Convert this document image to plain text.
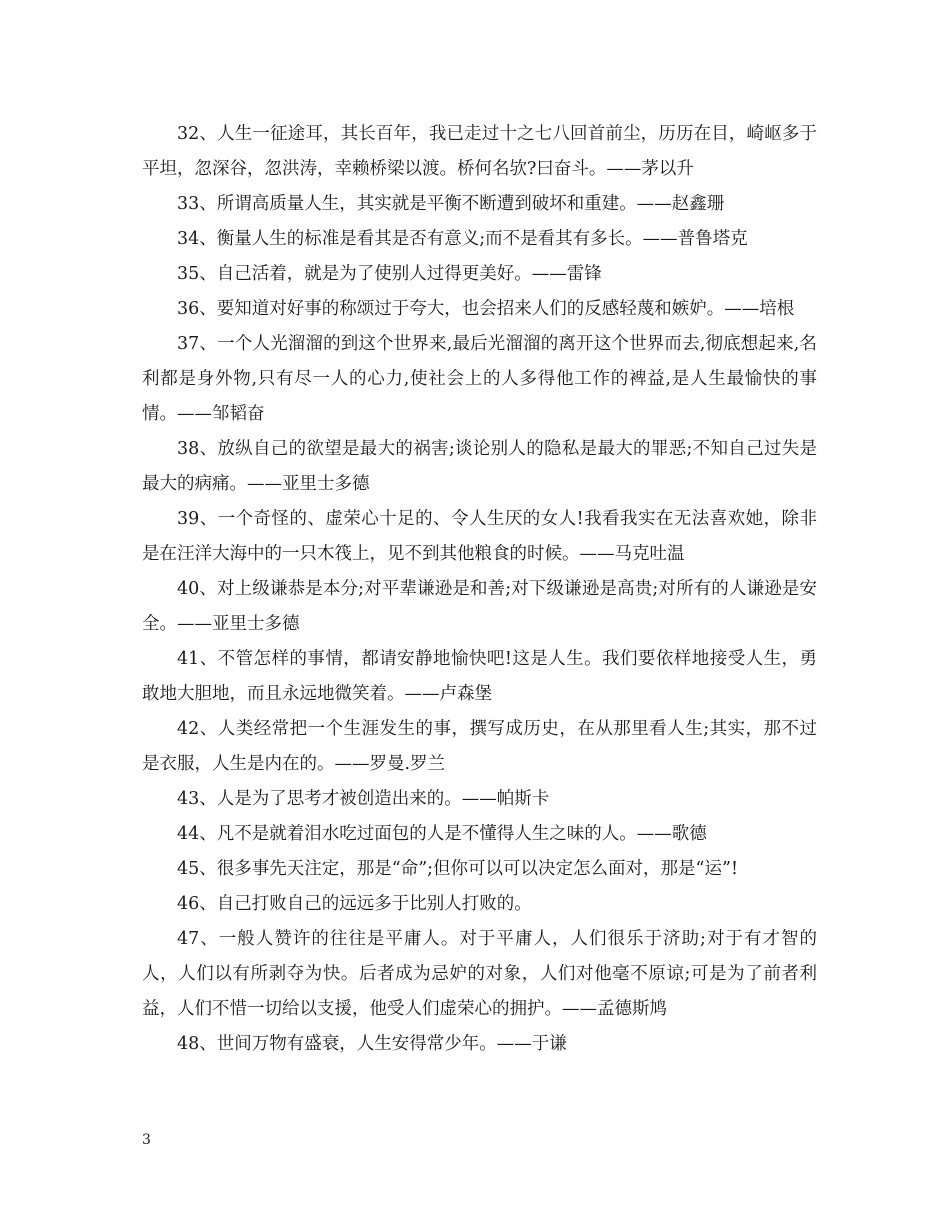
32、人生一征途耳，其长百年，我已走过十之七八回首前尘，历历在目，崎岖多于平坦，忽深谷，忽洪涛，幸赖桥梁以渡。桥何名欤?曰奋斗。——茅以升

33、所谓高质量人生，其实就是平衡不断遭到破坏和重建。——赵鑫珊

34、衡量人生的标准是看其是否有意义;而不是看其有多长。——普鲁塔克

35、自己活着，就是为了使别人过得更美好。——雷锋

36、要知道对好事的称颂过于夸大，也会招来人们的反感轻蔑和嫉妒。——培根

37、一个人光溜溜的到这个世界来,最后光溜溜的离开这个世界而去,彻底想起来,名利都是身外物,只有尽一人的心力,使社会上的人多得他工作的裨益,是人生最愉快的事情。——邹韬奋

38、放纵自己的欲望是最大的祸害;谈论别人的隐私是最大的罪恶;不知自己过失是最大的病痛。——亚里士多德

39、一个奇怪的、虚荣心十足的、令人生厌的女人!我看我实在无法喜欢她，除非是在汪洋大海中的一只木筏上，见不到其他粮食的时候。——马克吐温

40、对上级谦恭是本分;对平辈谦逊是和善;对下级谦逊是高贵;对所有的人谦逊是安全。——亚里士多德

41、不管怎样的事情，都请安静地愉快吧!这是人生。我们要依样地接受人生，勇敢地大胆地，而且永远地微笑着。——卢森堡

42、人类经常把一个生涯发生的事，撰写成历史，在从那里看人生;其实，那不过是衣服，人生是内在的。——罗曼.罗兰

43、人是为了思考才被创造出来的。——帕斯卡

44、凡不是就着泪水吃过面包的人是不懂得人生之味的人。——歌德

45、很多事先天注定，那是“命”;但你可以可以决定怎么面对，那是“运”!

46、自己打败自己的远远多于比别人打败的。

47、一般人赞许的往往是平庸人。对于平庸人，人们很乐于济助;对于有才智的人，人们以有所剥夺为快。后者成为忌妒的对象，人们对他毫不原谅;可是为了前者利益，人们不惜一切给以支援，他受人们虚荣心的拥护。——孟德斯鸠

48、世间万物有盛衰，人生安得常少年。——于谦

3
